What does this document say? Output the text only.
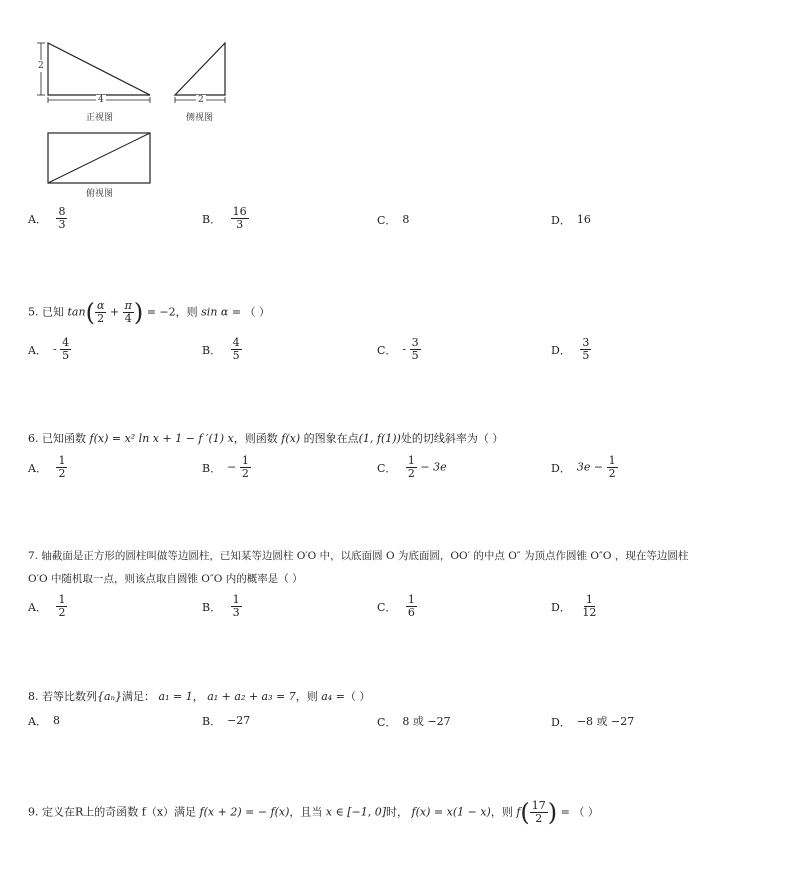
2
4	2
正视图	侧视图
俯视图
A． $\frac{8}{3}$	B． $\frac{16}{3}$	C． 8	D． 16
5. 已知 $\tan( \frac{\alpha}{2} + \frac{\pi}{4}$ ) = −2，则 sin α = （ ）
A． - $\frac{4}{5}$	B． $\frac{4}{5}$	C． - $\frac{3}{5}$	D． $\frac{3}{5}$
6. 已知函数 f(x) = x² ln x + 1 − f ′(1) x，则函数 f(x) 的图象在点(1, f(1))处的切线斜率为（ ）
A． $\frac{1}{2}$	B． − $\frac{1}{2}$	C． $\frac{1}{2} - 3e$	D． $3e - \frac{1}{2}$
7. 轴截面是正方形的圆柱叫做等边圆柱，已知某等边圆柱 O′O 中，以底面圆 O 为底面圆，OO′ 的中点 O″ 为顶点作圆锥 O″O ，现在等边圆柱
O′O 中随机取一点，则该点取自圆锥 O″O 内的概率是（ ）
A． $\frac{1}{2}$	B． $\frac{1}{3}$	C． $\frac{1}{6}$	D． $\frac{1}{12}$
8. 若等比数列{aₙ}满足： a₁ = 1， a₁ + a₂ + a₃ = 7，则 a₄ =（ ）
A． 8	B． −27	C． 8 或 −27	D． −8 或 −27
9. 定义在R上的奇函数 f（x）满足 f(x + 2) = − f(x)，且当 x ∈ [−1, 0]时， f(x) = x(1 − x)，则 $f( \frac{17}{2}$ ) = （ ）
